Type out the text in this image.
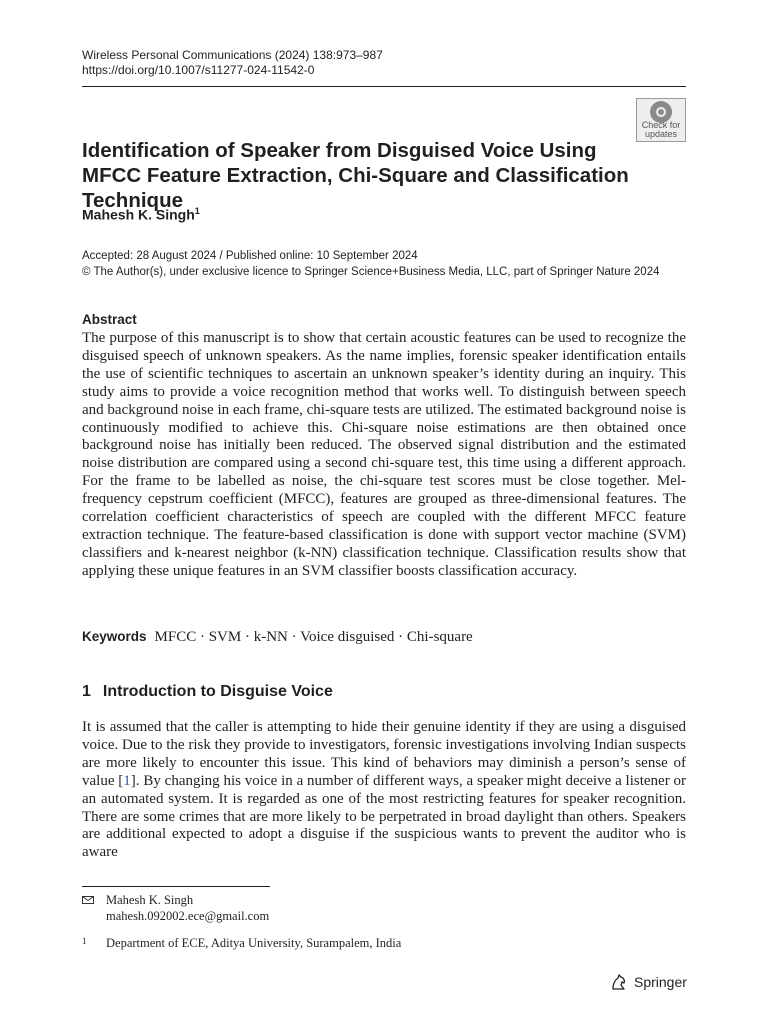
Wireless Personal Communications (2024) 138:973–987
https://doi.org/10.1007/s11277-024-11542-0
Check for
updates
Identification of Speaker from Disguised Voice Using MFCC Feature Extraction, Chi-Square and Classification Technique
Mahesh K. Singh$^1$
Accepted: 28 August 2024 / Published online: 10 September 2024
© The Author(s), under exclusive licence to Springer Science+Business Media, LLC, part of Springer Nature 2024
Abstract
The purpose of this manuscript is to show that certain acoustic features can be used to recognize the disguised speech of unknown speakers. As the name implies, forensic speaker identification entails the use of scientific techniques to ascertain an unknown speaker’s identity during an inquiry. This study aims to provide a voice recognition method that works well. To distinguish between speech and background noise in each frame, chi-square tests are utilized. The estimated background noise is continuously modified to achieve this. Chi-square noise estimations are then obtained once background noise has initially been reduced. The observed signal distribution and the estimated noise distribution are compared using a second chi-square test, this time using a different approach. For the frame to be labelled as noise, the chi-square test scores must be close together. Mel-frequency cepstrum coefficient (MFCC), features are grouped as three-dimensional features. The correlation coefficient characteristics of speech are coupled with the different MFCC feature extraction technique. The feature-based classification is done with support vector machine (SVM) classifiers and k-nearest neighbor (k-NN) classification technique. Classification results show that applying these unique features in an SVM classifier boosts classification accuracy.
Keywords MFCC · SVM · k-NN · Voice disguised · Chi-square
1 Introduction to Disguise Voice
It is assumed that the caller is attempting to hide their genuine identity if they are using a disguised voice. Due to the risk they provide to investigators, forensic investigations involving Indian suspects are more likely to encounter this issue. This kind of behaviors may diminish a person’s sense of value [1]. By changing his voice in a number of different ways, a speaker might deceive a listener or an automated system. It is regarded as one of the most restricting features for speaker recognition. There are some crimes that are more likely to be perpetrated in broad daylight than others. Speakers are additional expected to adopt a disguise if the suspicious wants to prevent the auditor who is aware
Mahesh K. Singh
mahesh.092002.ece@gmail.com
1 Department of ECE, Aditya University, Surampalem, India
Springer
